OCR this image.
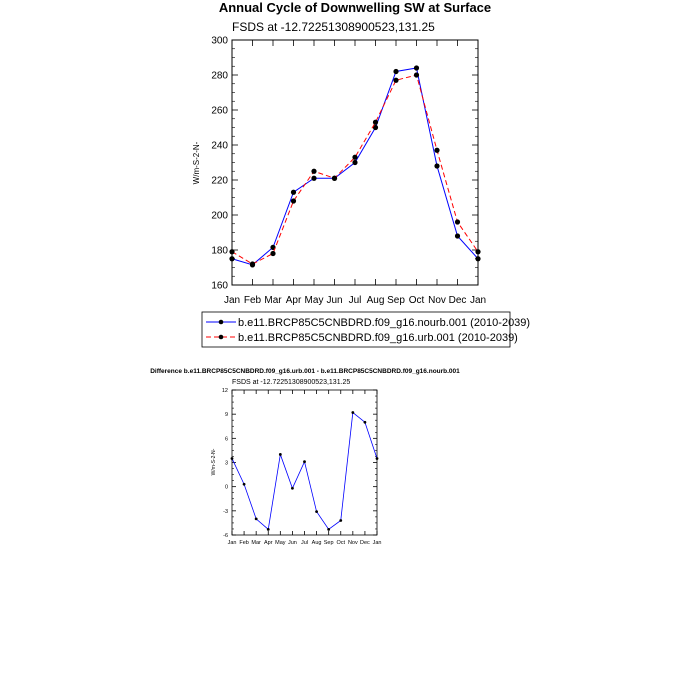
Annual Cycle of Downwelling SW at Surface
FSDS at -12.72251308900523,131.25
W/m-S-2-N-
160
180
200
220
240
260
280
300
Jan Feb Mar Apr May Jun Jul Aug Sep Oct Nov Dec Jan
b.e11.BRCP85C5CNBDRD.f09_g16.nourb.001 (2010-2039)
b.e11.BRCP85C5CNBDRD.f09_g16.urb.001 (2010-2039)
Difference b.e11.BRCP85C5CNBDRD.f09_g16.urb.001 - b.e11.BRCP85C5CNBDRD.f09_g16.nourb.001
FSDS at -12.72251308900523,131.25
W/m-S-2-N-
-6
-3
0
3
6
9
12
Jan Feb Mar Apr May Jun Jul Aug Sep Oct Nov Dec Jan
